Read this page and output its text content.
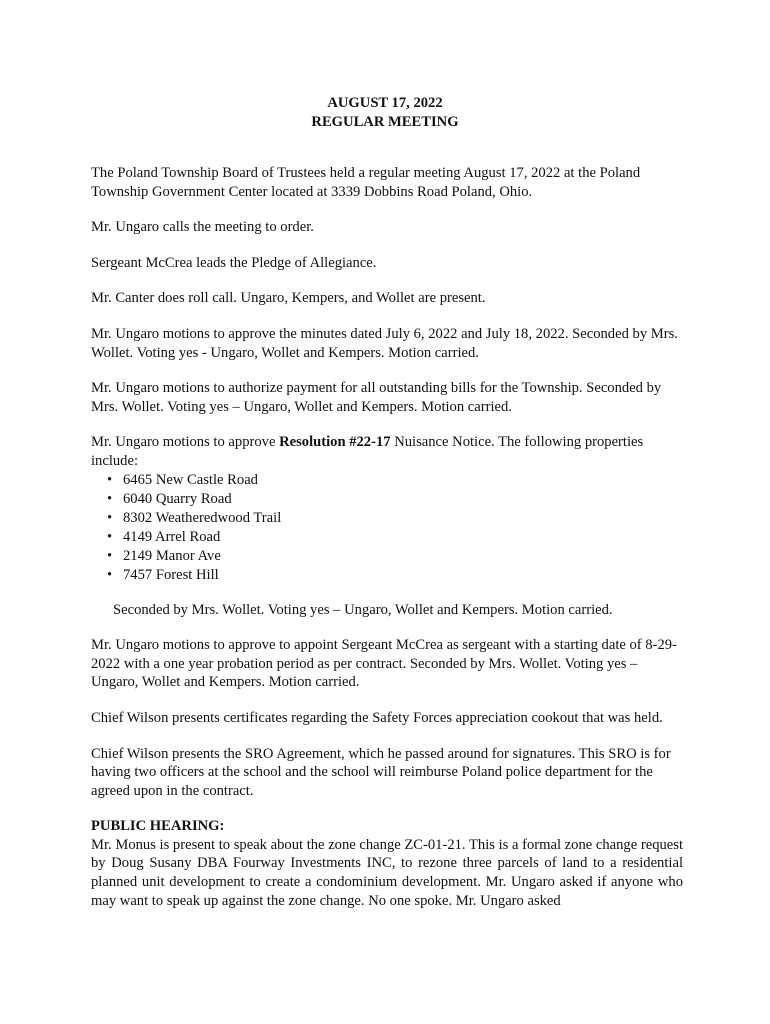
AUGUST 17, 2022
REGULAR MEETING

The Poland Township Board of Trustees held a regular meeting August 17, 2022 at the Poland Township Government Center located at 3339 Dobbins Road Poland, Ohio.

Mr. Ungaro calls the meeting to order.

Sergeant McCrea leads the Pledge of Allegiance.

Mr. Canter does roll call. Ungaro, Kempers, and Wollet are present.

Mr. Ungaro motions to approve the minutes dated July 6, 2022 and July 18, 2022. Seconded by Mrs. Wollet. Voting yes - Ungaro, Wollet and Kempers. Motion carried.

Mr. Ungaro motions to authorize payment for all outstanding bills for the Township. Seconded by Mrs. Wollet. Voting yes – Ungaro, Wollet and Kempers. Motion carried.

Mr. Ungaro motions to approve Resolution #22-17 Nuisance Notice. The following properties include:

• 6465 New Castle Road
• 6040 Quarry Road
• 8302 Weatheredwood Trail
• 4149 Arrel Road
• 2149 Manor Ave
• 7457 Forest Hill

Seconded by Mrs. Wollet. Voting yes – Ungaro, Wollet and Kempers. Motion carried.

Mr. Ungaro motions to approve to appoint Sergeant McCrea as sergeant with a starting date of 8-29-2022 with a one year probation period as per contract. Seconded by Mrs. Wollet. Voting yes – Ungaro, Wollet and Kempers. Motion carried.

Chief Wilson presents certificates regarding the Safety Forces appreciation cookout that was held.

Chief Wilson presents the SRO Agreement, which he passed around for signatures. This SRO is for having two officers at the school and the school will reimburse Poland police department for the agreed upon in the contract.

PUBLIC HEARING:

Mr. Monus is present to speak about the zone change ZC-01-21. This is a formal zone change request by Doug Susany DBA Fourway Investments INC, to rezone three parcels of land to a residential planned unit development to create a condominium development. Mr. Ungaro asked if anyone who may want to speak up against the zone change. No one spoke. Mr. Ungaro asked
